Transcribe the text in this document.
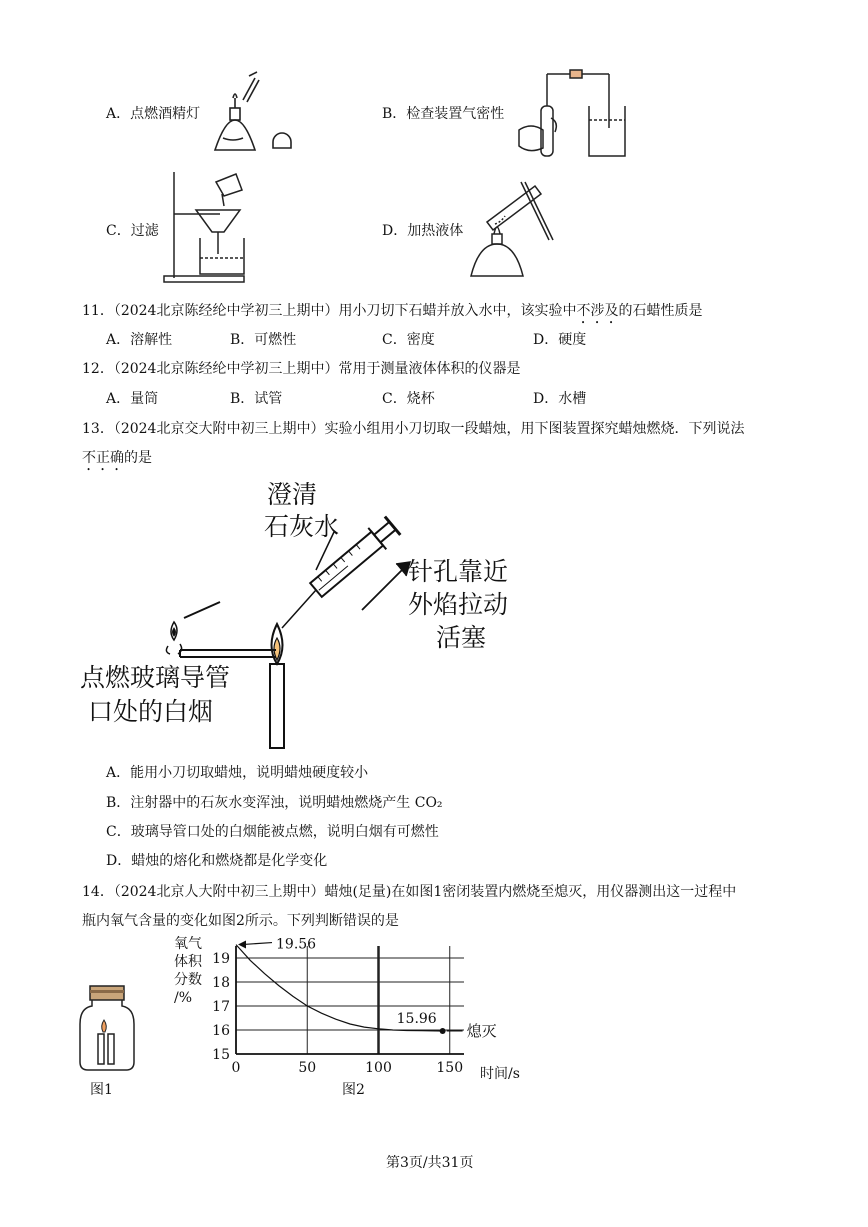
A．点燃酒精灯	B．检查装置气密性
C．过滤	D．加热液体
11．（2024北京陈经纶中学初三上期中）用小刀切下石蜡并放入水中，该实验中不涉及的石蜡性质是
A．溶解性	B．可燃性	C．密度	D．硬度
12．（2024北京陈经纶中学初三上期中）常用于测量液体体积的仪器是
A．量筒	B．试管	C．烧杯	D．水槽
13．（2024北京交大附中初三上期中）实验小组用小刀切取一段蜡烛，用下图装置探究蜡烛燃烧．下列说法
不正确的是
澄清
石灰水
针孔靠近
外焰拉动
活塞
点燃玻璃导管
口处的白烟
A．能用小刀切取蜡烛，说明蜡烛硬度较小
B．注射器中的石灰水变浑浊，说明蜡烛燃烧产生 CO₂
C．玻璃导管口处的白烟能被点燃，说明白烟有可燃性
D．蜡烛的熔化和燃烧都是化学变化
14．（2024北京人大附中初三上期中）蜡烛(足量)在如图1密闭装置内燃烧至熄灭，用仪器测出这一过程中
瓶内氧气含量的变化如图2所示。下列判断错误的是
图1
15
16
17
18
19
0	50	100	150
氧气
体积
分数
/%
时间/s
19.56
15.96
熄灭
图2
第3页/共31页
